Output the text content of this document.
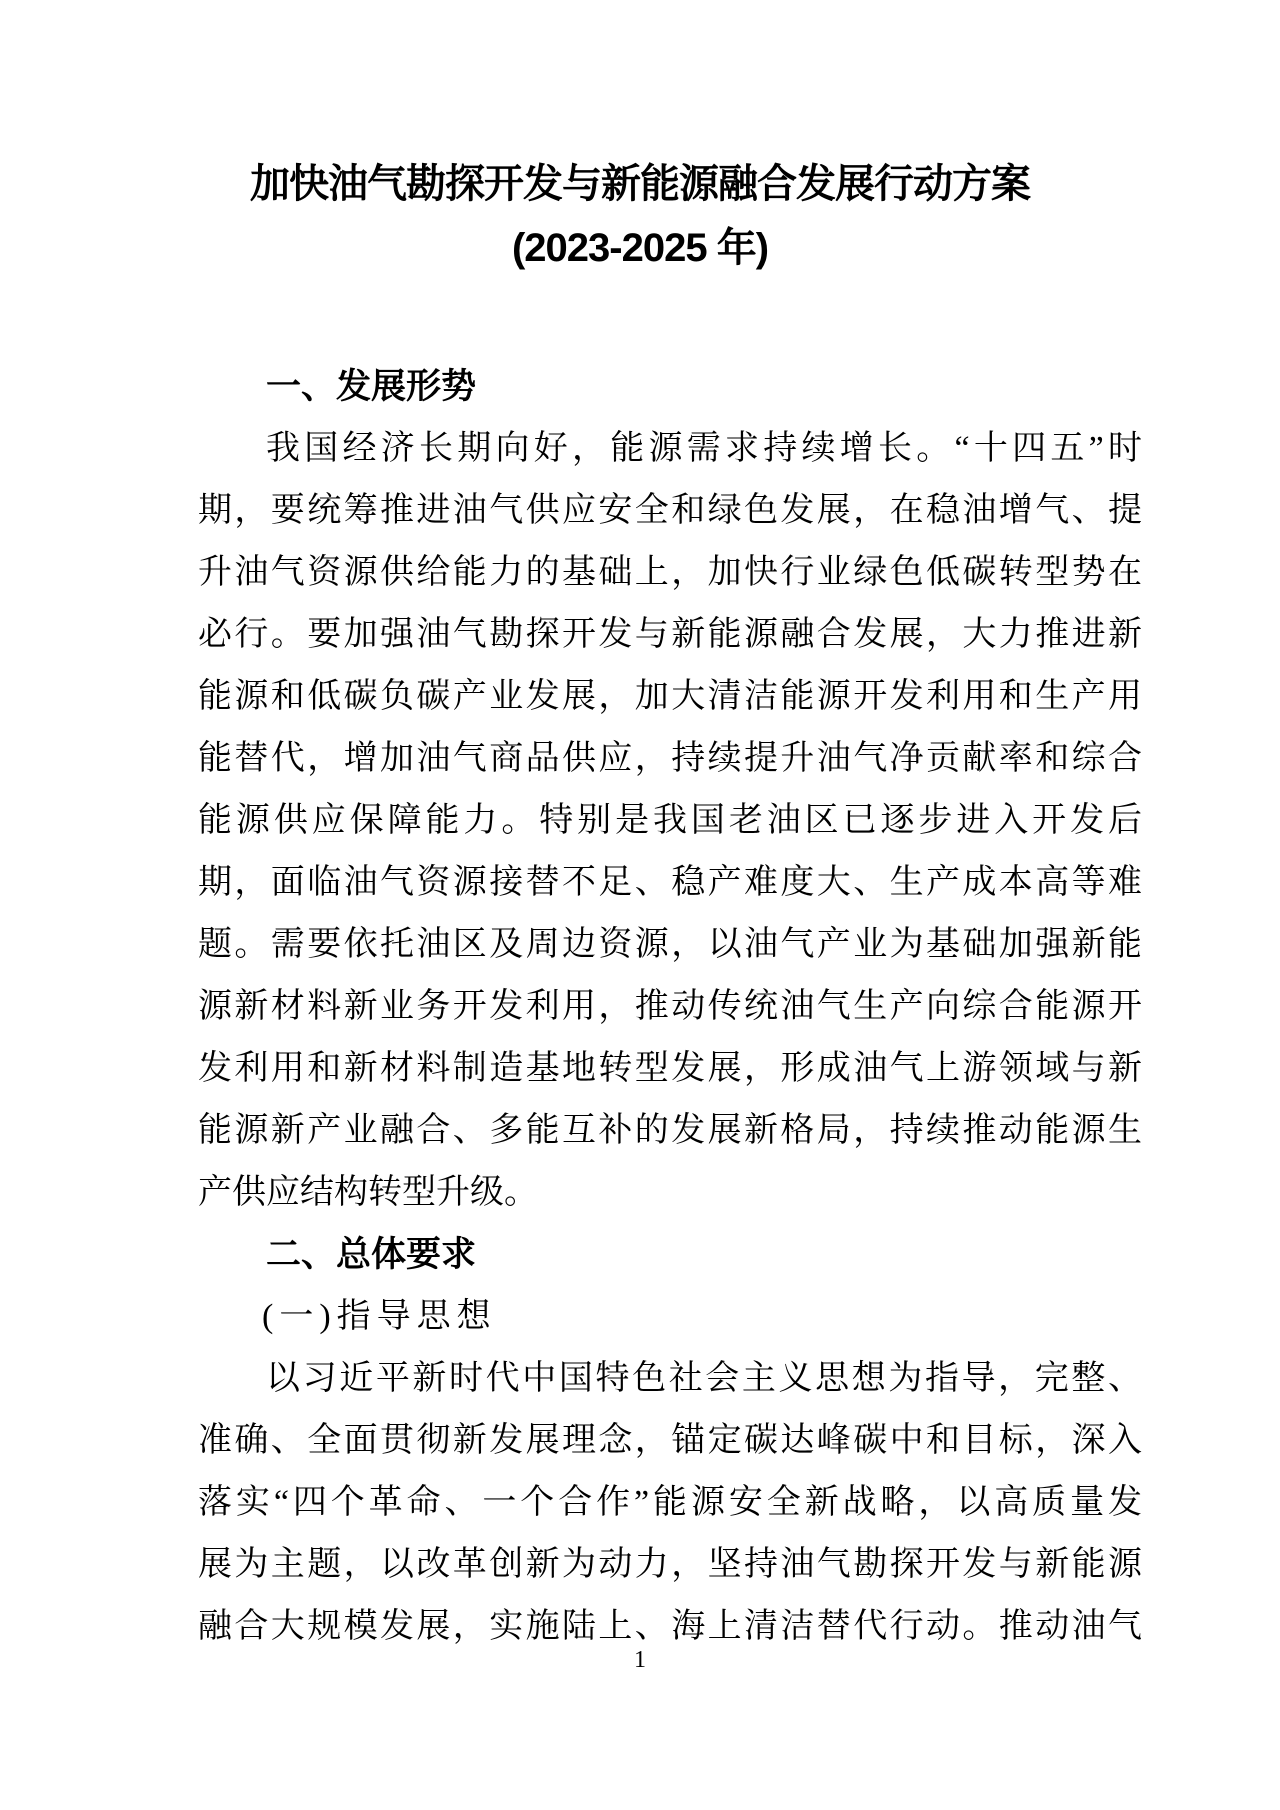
加快油气勘探开发与新能源融合发展行动方案
(2023-2025 年)
一、发展形势
我国经济长期向好，能源需求持续增长。“十四五”时
期，要统筹推进油气供应安全和绿色发展，在稳油增气、提
升油气资源供给能力的基础上，加快行业绿色低碳转型势在
必行。要加强油气勘探开发与新能源融合发展，大力推进新
能源和低碳负碳产业发展，加大清洁能源开发利用和生产用
能替代，增加油气商品供应，持续提升油气净贡献率和综合
能源供应保障能力。特别是我国老油区已逐步进入开发后
期，面临油气资源接替不足、稳产难度大、生产成本高等难
题。需要依托油区及周边资源，以油气产业为基础加强新能
源新材料新业务开发利用，推动传统油气生产向综合能源开
发利用和新材料制造基地转型发展，形成油气上游领域与新
能源新产业融合、多能互补的发展新格局，持续推动能源生
产供应结构转型升级。
二、总体要求
(一)指导思想
以习近平新时代中国特色社会主义思想为指导，完整、
准确、全面贯彻新发展理念，锚定碳达峰碳中和目标，深入
落实“四个革命、一个合作”能源安全新战略，以高质量发
展为主题，以改革创新为动力，坚持油气勘探开发与新能源
融合大规模发展，实施陆上、海上清洁替代行动。推动油气
1
